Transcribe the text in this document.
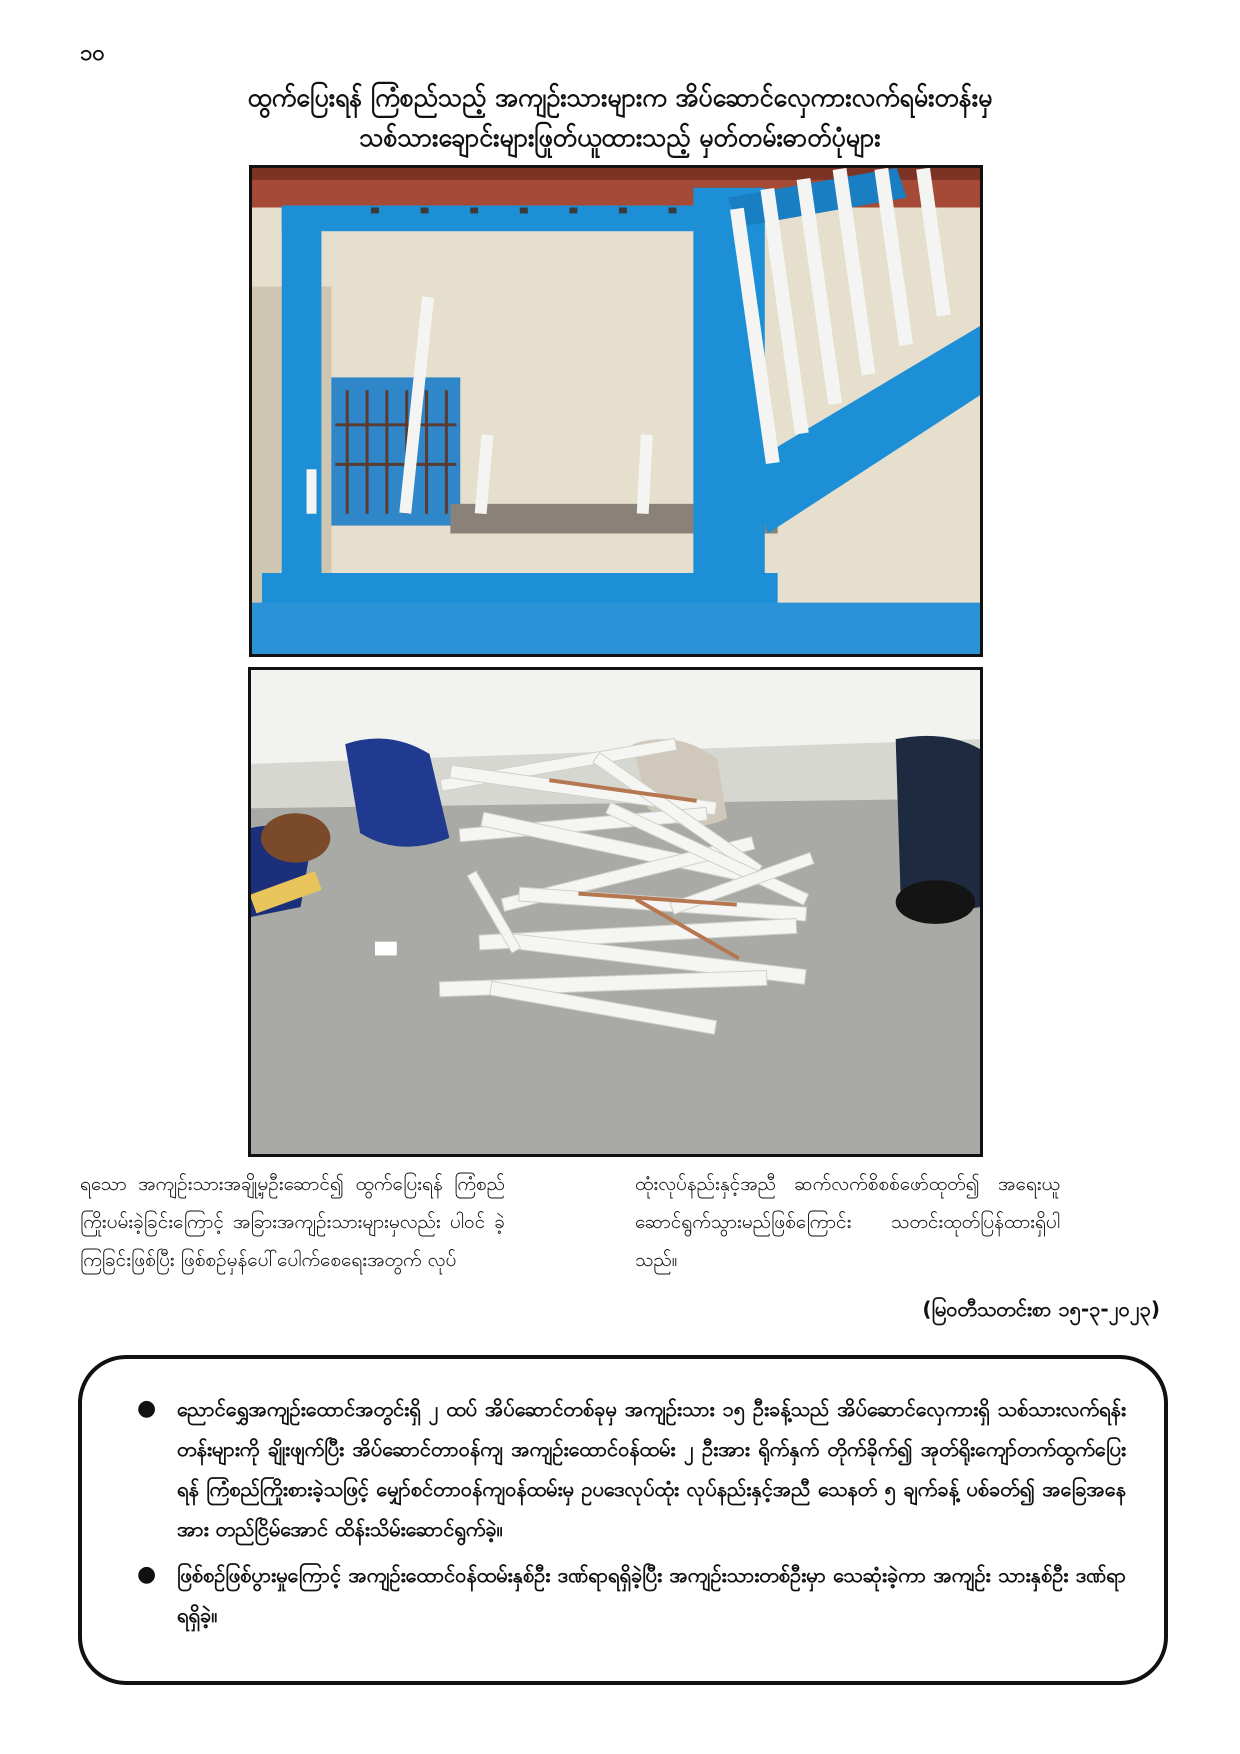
၁၀
ထွက်ပြေးရန် ကြံစည်သည့် အကျဉ်းသားများက အိပ်ဆောင်လှေကားလက်ရမ်းတန်းမှ
သစ်သားချောင်းများဖြုတ်ယူထားသည့် မှတ်တမ်းဓာတ်ပုံများ
ရသော အကျဉ်းသားအချို့မှဦးဆောင်၍ ထွက်ပြေးရန် ကြံစည် ကြိုးပမ်းခဲ့ခြင်းကြောင့် အခြားအကျဉ်းသားများမှလည်း ပါဝင် ခဲ့ကြခြင်းဖြစ်ပြီး ဖြစ်စဉ်မှန်ပေါ်ပေါက်စေရေးအတွက် လုပ်
ထုံးလုပ်နည်းနှင့်အညီ ဆက်လက်စိစစ်ဖော်ထုတ်၍ အရေးယူ ဆောင်ရွက်သွားမည်ဖြစ်ကြောင်း သတင်းထုတ်ပြန်ထားရှိပါ သည်။
(မြဝတီသတင်းစာ ၁၅-၃-၂၀၂၃)
● ညောင်ရွှေအကျဉ်းထောင်အတွင်းရှိ ၂ ထပ် အိပ်ဆောင်တစ်ခုမှ အကျဉ်းသား ၁၅ ဦးခန့်သည် အိပ်ဆောင်လှေကားရှိ သစ်သားလက်ရန်းတန်းများကို ချိုးဖျက်ပြီး အိပ်ဆောင်တာဝန်ကျ အကျဉ်းထောင်ဝန်ထမ်း ၂ ဦးအား ရိုက်နှက် တိုက်ခိုက်၍ အုတ်ရိုးကျော်တက်ထွက်ပြေးရန် ကြံစည်ကြိုးစားခဲ့သဖြင့် မျှော်စင်တာဝန်ကျဝန်ထမ်းမှ ဥပဒေလုပ်ထုံး လုပ်နည်းနှင့်အညီ သေနတ် ၅ ချက်ခန့် ပစ်ခတ်၍ အခြေအနေအား တည်ငြိမ်အောင် ထိန်းသိမ်းဆောင်ရွက်ခဲ့။
● ဖြစ်စဉ်ဖြစ်ပွားမှုကြောင့် အကျဉ်းထောင်ဝန်ထမ်းနှစ်ဦး ဒဏ်ရာရရှိခဲ့ပြီး အကျဉ်းသားတစ်ဦးမှာ သေဆုံးခဲ့ကာ အကျဉ်း သားနှစ်ဦး ဒဏ်ရာရရှိခဲ့။
